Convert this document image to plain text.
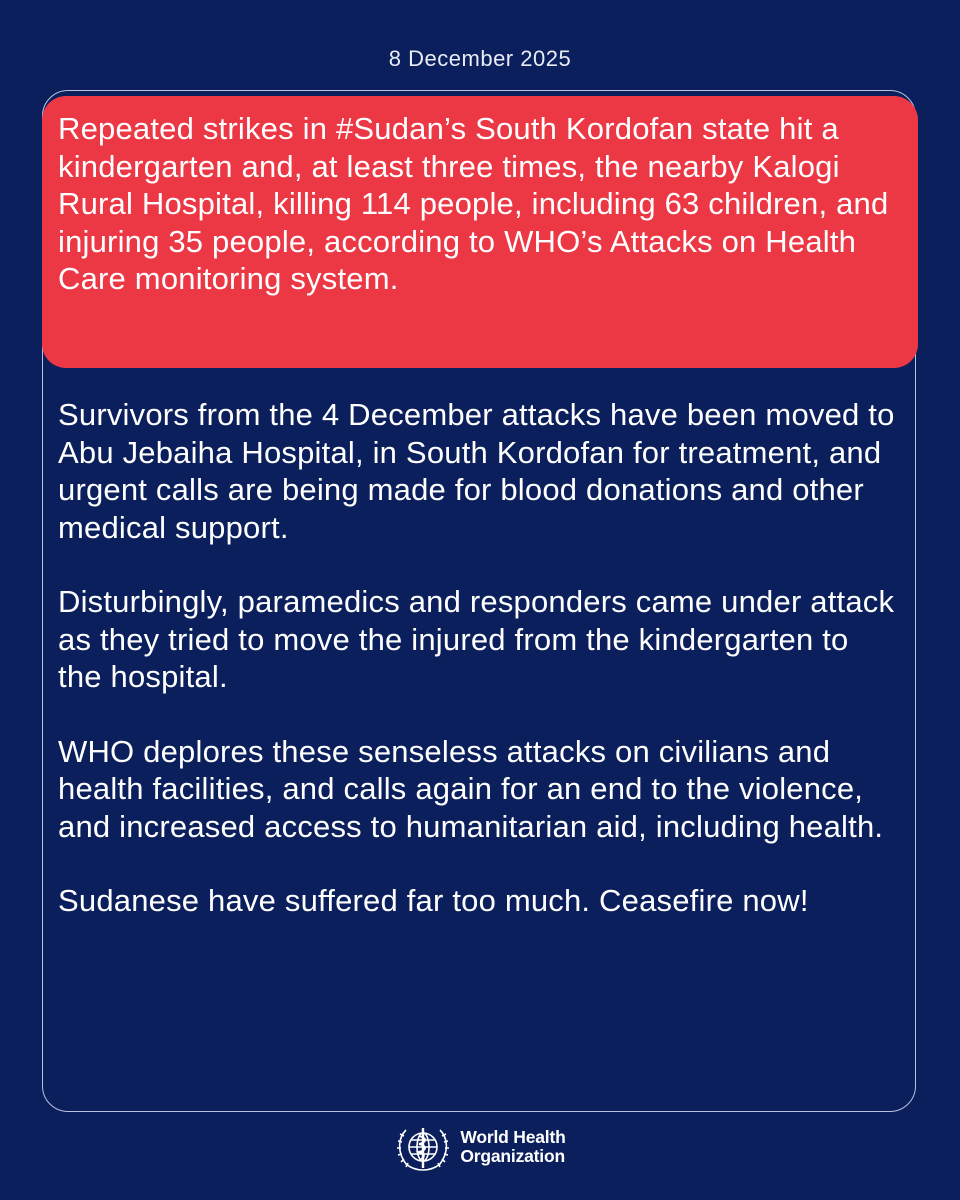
8 December 2025

Repeated strikes in #Sudan’s South Kordofan state hit a kindergarten and, at least three times, the nearby Kalogi Rural Hospital, killing 114 people, including 63 children, and injuring 35 people, according to WHO’s Attacks on Health Care monitoring system.

Survivors from the 4 December attacks have been moved to Abu Jebaiha Hospital, in South Kordofan for treatment, and urgent calls are being made for blood donations and other medical support.

Disturbingly, paramedics and responders came under attack as they tried to move the injured from the kindergarten to the hospital.

WHO deplores these senseless attacks on civilians and health facilities, and calls again for an end to the violence, and increased access to humanitarian aid, including health.

Sudanese have suffered far too much. Ceasefire now!

World Health
Organization
